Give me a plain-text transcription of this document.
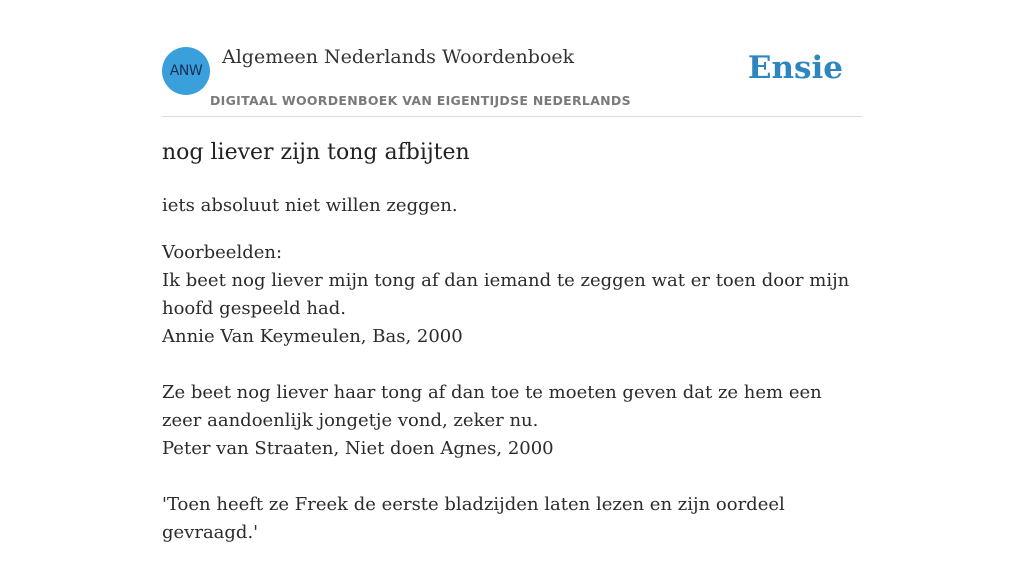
ANW
Algemeen Nederlands Woordenboek
DIGITAAL WOORDENBOEK VAN EIGENTIJDSE NEDERLANDS
Ensie
nog liever zijn tong afbijten
iets absoluut niet willen zeggen.
Voorbeelden:
Ik beet nog liever mijn tong af dan iemand te zeggen wat er toen door mijn hoofd gespeeld had.
Annie Van Keymeulen, Bas, 2000
Ze beet nog liever haar tong af dan toe te moeten geven dat ze hem een zeer aandoenlijk jongetje vond, zeker nu.
Peter van Straaten, Niet doen Agnes, 2000
'Toen heeft ze Freek de eerste bladzijden laten lezen en zijn oordeel gevraagd.'
